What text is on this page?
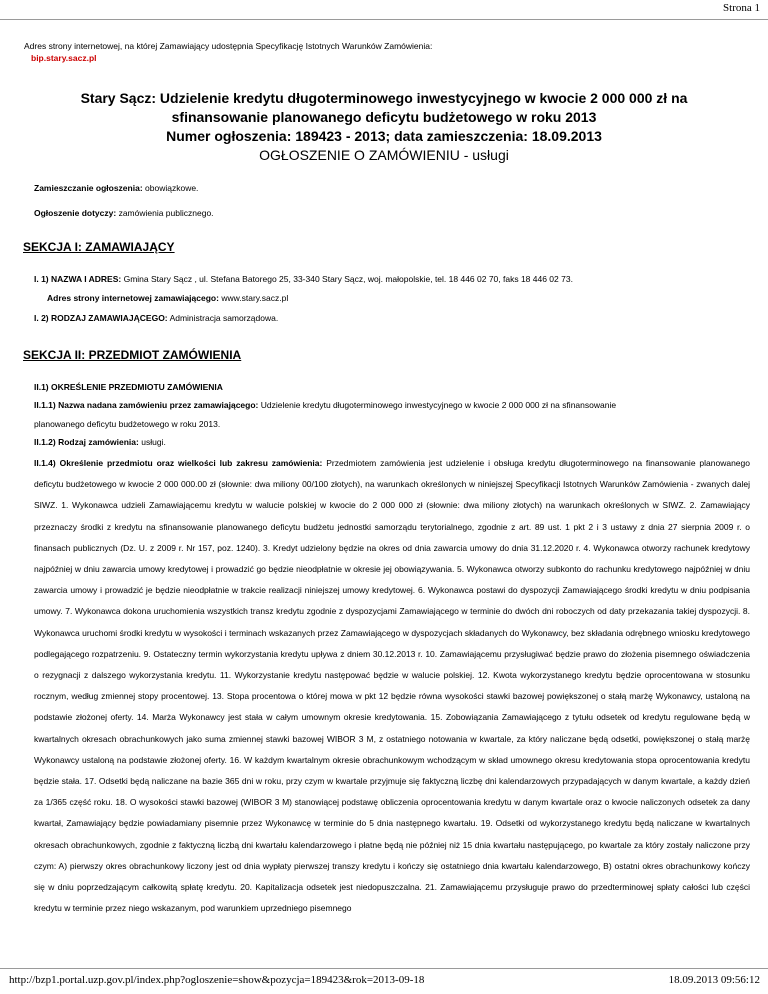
Strona 1
Adres strony internetowej, na której Zamawiający udostępnia Specyfikację Istotnych Warunków Zamówienia:
bip.stary.sacz.pl
Stary Sącz: Udzielenie kredytu długoterminowego inwestycyjnego w kwocie 2 000 000 zł na
sfinansowanie planowanego deficytu budżetowego w roku 2013
Numer ogłoszenia: 189423 - 2013; data zamieszczenia: 18.09.2013
OGŁOSZENIE O ZAMÓWIENIU - usługi
Zamieszczanie ogłoszenia: obowiązkowe.
Ogłoszenie dotyczy: zamówienia publicznego.
SEKCJA I: ZAMAWIAJĄCY
I. 1) NAZWA I ADRES: Gmina Stary Sącz , ul. Stefana Batorego 25, 33-340 Stary Sącz, woj. małopolskie, tel. 18 446 02 70, faks 18 446 02 73.
Adres strony internetowej zamawiającego: www.stary.sacz.pl
I. 2) RODZAJ ZAMAWIAJĄCEGO: Administracja samorządowa.
SEKCJA II: PRZEDMIOT ZAMÓWIENIA
II.1) OKREŚLENIE PRZEDMIOTU ZAMÓWIENIA
II.1.1) Nazwa nadana zamówieniu przez zamawiającego: Udzielenie kredytu długoterminowego inwestycyjnego w kwocie 2 000 000 zł na sfinansowanie
planowanego deficytu budżetowego w roku 2013.
II.1.2) Rodzaj zamówienia: usługi.
II.1.4) Określenie przedmiotu oraz wielkości lub zakresu zamówienia: Przedmiotem zamówienia jest udzielenie i obsługa kredytu długoterminowego na finansowanie planowanego deficytu budżetowego w kwocie 2 000 000.00 zł (słownie: dwa miliony 00/100 złotych), na warunkach określonych w niniejszej Specyfikacji Istotnych Warunków Zamówienia - zwanych dalej SIWZ. 1. Wykonawca udzieli Zamawiającemu kredytu w walucie polskiej w kwocie do 2 000 000 zł (słownie: dwa miliony złotych) na warunkach określonych w SIWZ. 2. Zamawiający przeznaczy środki z kredytu na sfinansowanie planowanego deficytu budżetu jednostki samorządu terytorialnego, zgodnie z art. 89 ust. 1 pkt 2 i 3 ustawy z dnia 27 sierpnia 2009 r. o finansach publicznych (Dz. U. z 2009 r. Nr 157, poz. 1240). 3. Kredyt udzielony będzie na okres od dnia zawarcia umowy do dnia 31.12.2020 r. 4. Wykonawca otworzy rachunek kredytowy najpóźniej w dniu zawarcia umowy kredytowej i prowadzić go będzie nieodpłatnie w okresie jej obowiązywania. 5. Wykonawca otworzy subkonto do rachunku kredytowego najpóźniej w dniu zawarcia umowy i prowadzić je będzie nieodpłatnie w trakcie realizacji niniejszej umowy kredytowej. 6. Wykonawca postawi do dyspozycji Zamawiającego środki kredytu w dniu podpisania umowy. 7. Wykonawca dokona uruchomienia wszystkich transz kredytu zgodnie z dyspozycjami Zamawiającego w terminie do dwóch dni roboczych od daty przekazania takiej dyspozycji. 8. Wykonawca uruchomi środki kredytu w wysokości i terminach wskazanych przez Zamawiającego w dyspozycjach składanych do Wykonawcy, bez składania odrębnego wniosku kredytowego podlegającego rozpatrzeniu. 9. Ostateczny termin wykorzystania kredytu upływa z dniem 30.12.2013 r. 10. Zamawiającemu przysługiwać będzie prawo do złożenia pisemnego oświadczenia o rezygnacji z dalszego wykorzystania kredytu. 11. Wykorzystanie kredytu następować będzie w walucie polskiej. 12. Kwota wykorzystanego kredytu będzie oprocentowana w stosunku rocznym, według zmiennej stopy procentowej. 13. Stopa procentowa o której mowa w pkt 12 będzie równa wysokości stawki bazowej powiększonej o stałą marżę Wykonawcy, ustaloną na podstawie złożonej oferty. 14. Marża Wykonawcy jest stała w całym umownym okresie kredytowania. 15. Zobowiązania Zamawiającego z tytułu odsetek od kredytu regulowane będą w kwartalnych okresach obrachunkowych jako suma zmiennej stawki bazowej WIBOR 3 M, z ostatniego notowania w kwartale, za który naliczane będą odsetki, powiększonej o stałą marżę Wykonawcy ustaloną na podstawie złożonej oferty. 16. W każdym kwartalnym okresie obrachunkowym wchodzącym w skład umownego okresu kredytowania stopa oprocentowania kredytu będzie stała. 17. Odsetki będą naliczane na bazie 365 dni w roku, przy czym w kwartale przyjmuje się faktyczną liczbę dni kalendarzowych przypadających w danym kwartale, a każdy dzień za 1/365 część roku. 18. O wysokości stawki bazowej (WIBOR 3 M) stanowiącej podstawę obliczenia oprocentowania kredytu w danym kwartale oraz o kwocie naliczonych odsetek za dany kwartał, Zamawiający będzie powiadamiany pisemnie przez Wykonawcę w terminie do 5 dnia następnego kwartału. 19. Odsetki od wykorzystanego kredytu będą naliczane w kwartalnych okresach obrachunkowych, zgodnie z faktyczną liczbą dni kwartału kalendarzowego i płatne będą nie później niż 15 dnia kwartału następującego, po kwartale za który zostały naliczone przy czym: A) pierwszy okres obrachunkowy liczony jest od dnia wypłaty pierwszej transzy kredytu i kończy się ostatniego dnia kwartału kalendarzowego, B) ostatni okres obrachunkowy kończy się w dniu poprzedzającym całkowitą spłatę kredytu. 20. Kapitalizacja odsetek jest niedopuszczalna. 21. Zamawiającemu przysługuje prawo do przedterminowej spłaty całości lub części kredytu w terminie przez niego wskazanym, pod warunkiem uprzedniego pisemnego
http://bzp1.portal.uzp.gov.pl/index.php?ogloszenie=show&pozycja=189423&rok=2013-09-18	18.09.2013 09:56:12
